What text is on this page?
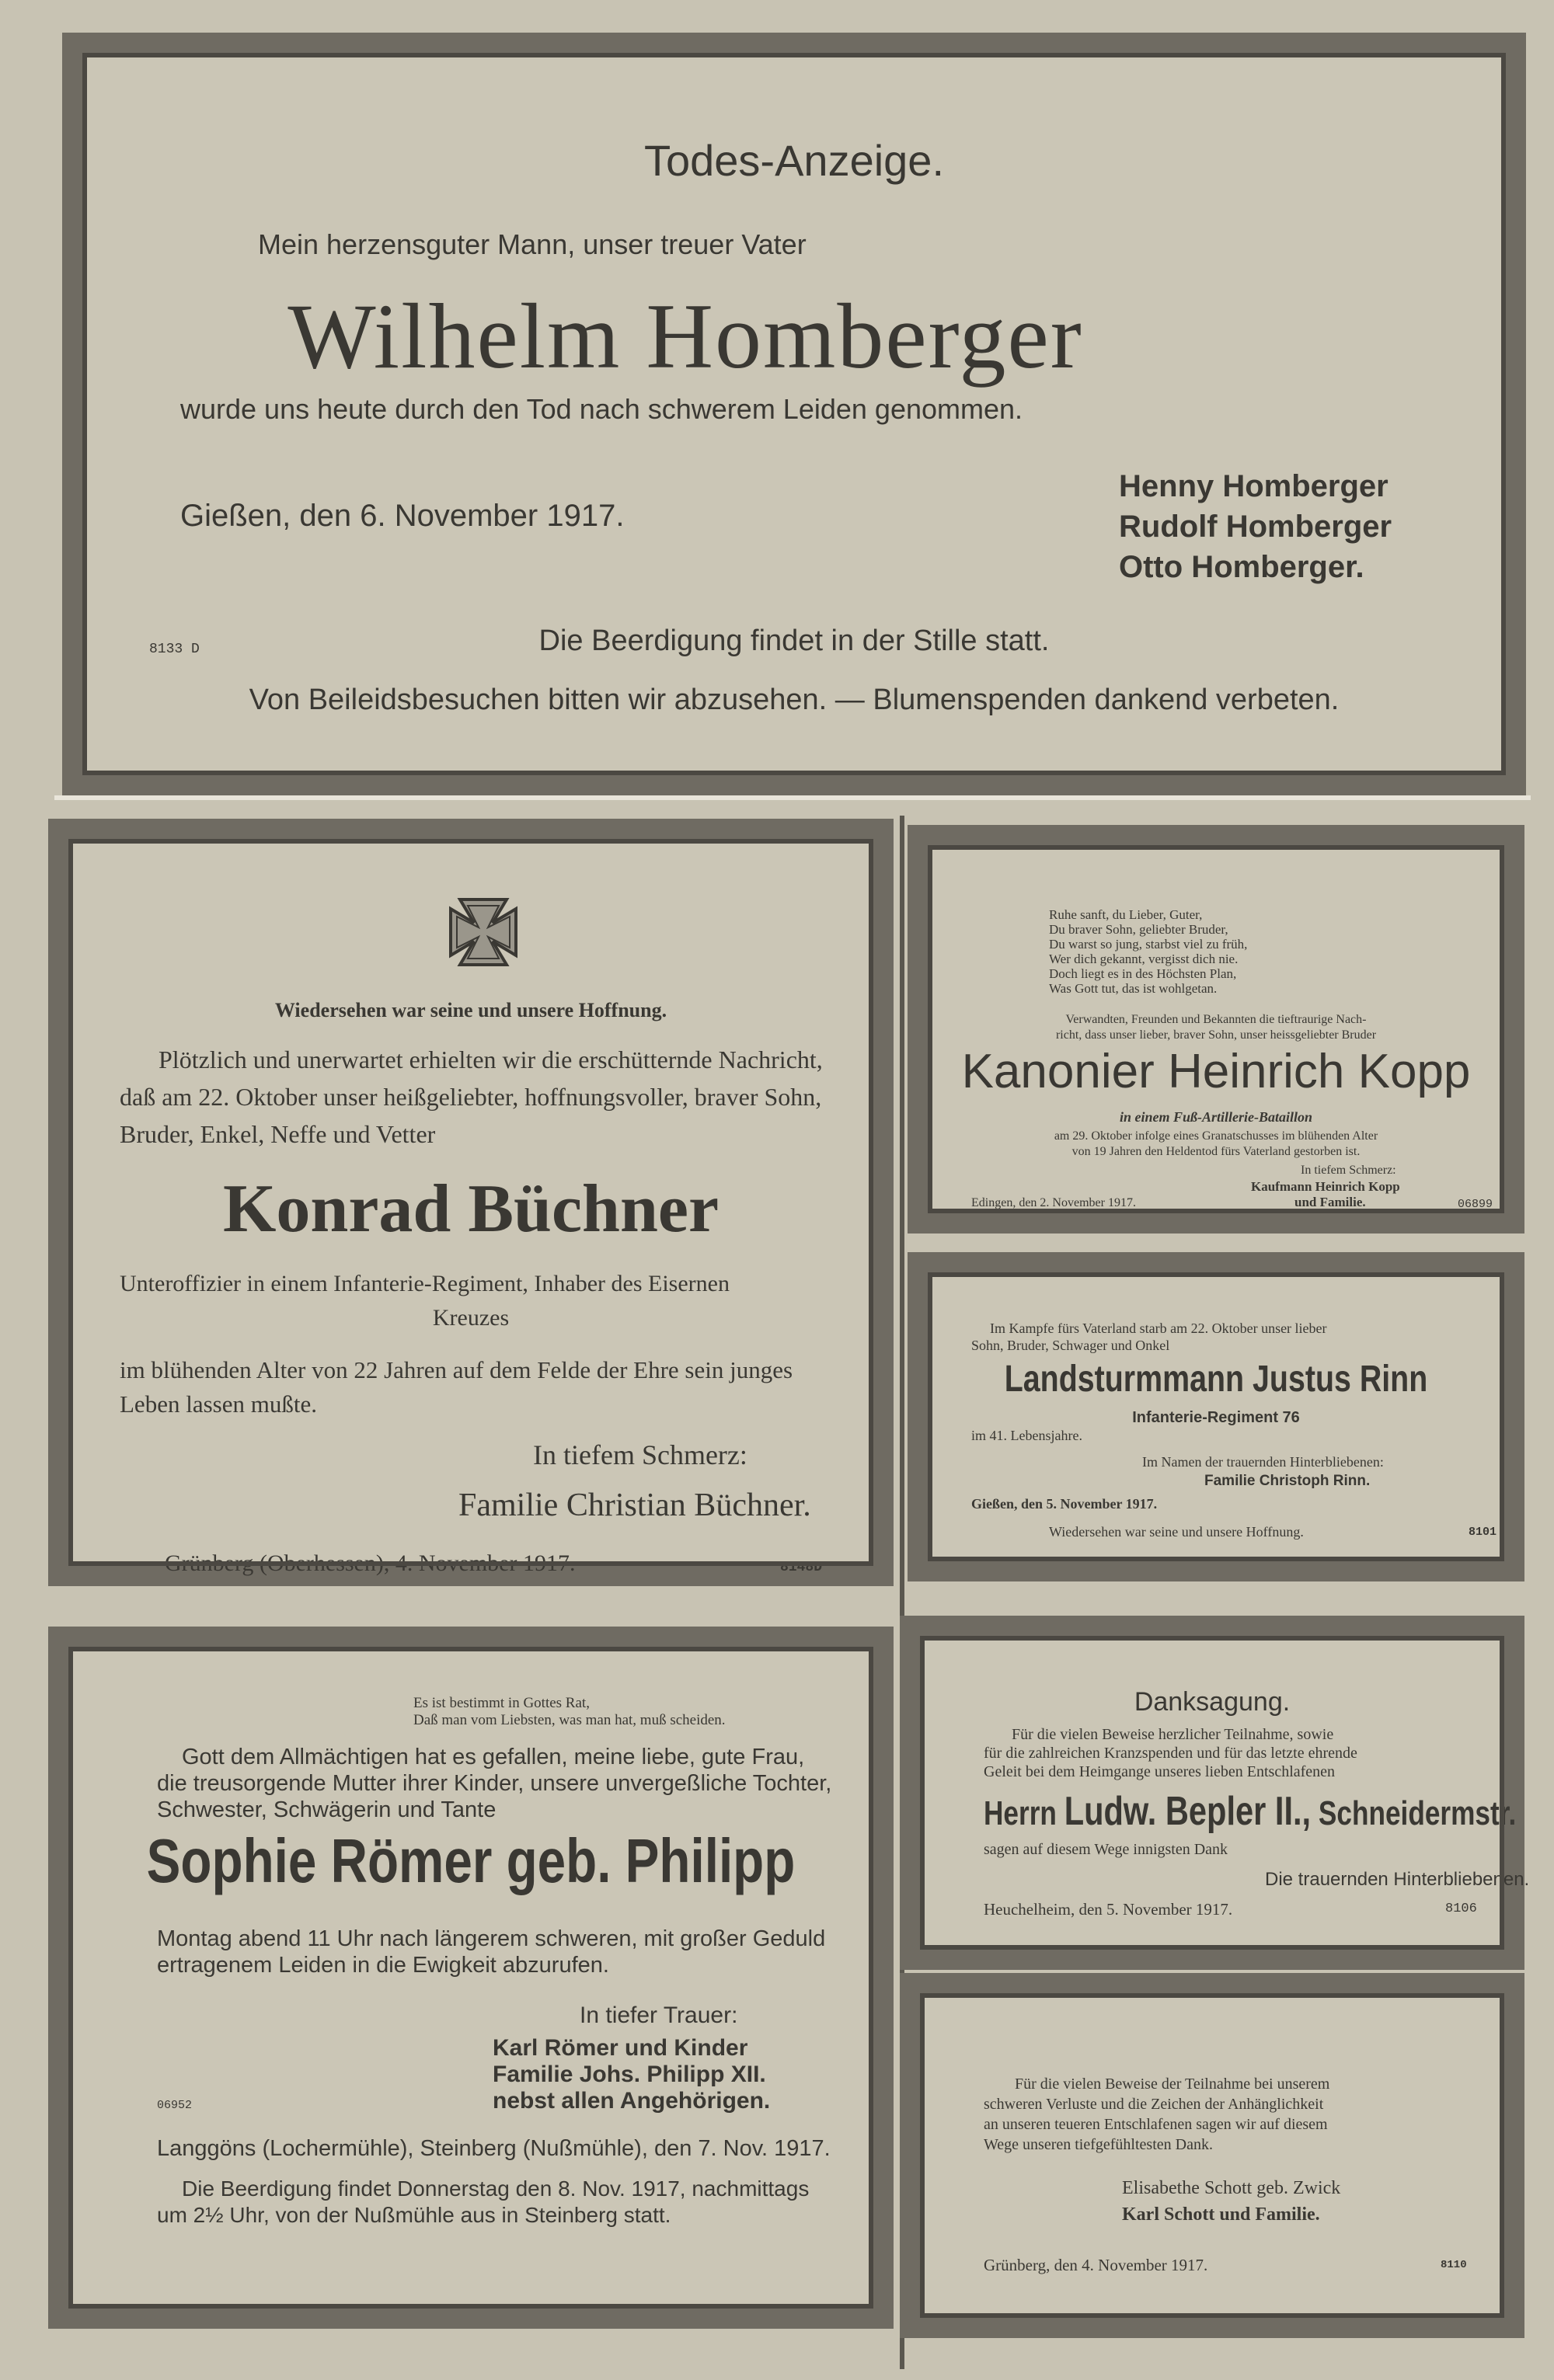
Todes-Anzeige.
Mein herzensguter Mann, unser treuer Vater
Wilhelm Homberger
wurde uns heute durch den Tod nach schwerem Leiden genommen.
Gießen, den 6. November 1917.
Henny Homberger
Rudolf Homberger
Otto Homberger.
8133 D	Die Beerdigung findet in der Stille statt.
Von Beileidsbesuchen bitten wir abzusehen. — Blumenspenden dankend verbeten.
Wiedersehen war seine und unsere Hoffnung.
Plötzlich und unerwartet erhielten wir die erschütternde Nachricht,
daß am 22. Oktober unser heißgeliebter, hoffnungsvoller, braver Sohn,
Bruder, Enkel, Neffe und Vetter
Konrad Büchner
Unteroffizier in einem Infanterie-Regiment, Inhaber des Eisernen
Kreuzes
im blühenden Alter von 22 Jahren auf dem Felde der Ehre sein junges
Leben lassen mußte.
In tiefem Schmerz:
Familie Christian Büchner.
Grünberg (Oberhessen), 4. November 1917.	8148D
Ruhe sanft, du Lieber, Guter,
Du braver Sohn, geliebter Bruder,
Du warst so jung, starbst viel zu früh,
Wer dich gekannt, vergisst dich nie.
Doch liegt es in des Höchsten Plan,
Was Gott tut, das ist wohlgetan.
Verwandten, Freunden und Bekannten die tieftraurige Nach-
richt, dass unser lieber, braver Sohn, unser heissgeliebter Bruder
Kanonier Heinrich Kopp
in einem Fuß-Artillerie-Bataillon
am 29. Oktober infolge eines Granatschusses im blühenden Alter
von 19 Jahren den Heldentod fürs Vaterland gestorben ist.
In tiefem Schmerz:
Kaufmann Heinrich Kopp
und Familie.
Edingen, den 2. November 1917.	06899
Im Kampfe fürs Vaterland starb am 22. Oktober unser lieber
Sohn, Bruder, Schwager und Onkel
Landsturmmann Justus Rinn
Infanterie-Regiment 76
im 41. Lebensjahre.
Im Namen der trauernden Hinterbliebenen:
Familie Christoph Rinn.
Gießen, den 5. November 1917.
Wiedersehen war seine und unsere Hoffnung.	8101
Es ist bestimmt in Gottes Rat,
Daß man vom Liebsten, was man hat, muß scheiden.
Gott dem Allmächtigen hat es gefallen, meine liebe, gute Frau,
die treusorgende Mutter ihrer Kinder, unsere unvergeßliche Tochter,
Schwester, Schwägerin und Tante
Sophie Römer geb. Philipp
Montag abend 11 Uhr nach längerem schweren, mit großer Geduld
ertragenem Leiden in die Ewigkeit abzurufen.
In tiefer Trauer:
Karl Römer und Kinder
Familie Johs. Philipp XII.
nebst allen Angehörigen.
06952
Langgöns (Lochermühle), Steinberg (Nußmühle), den 7. Nov. 1917.
Die Beerdigung findet Donnerstag den 8. Nov. 1917, nachmittags
um 2½ Uhr, von der Nußmühle aus in Steinberg statt.
Danksagung.
Für die vielen Beweise herzlicher Teilnahme, sowie
für die zahlreichen Kranzspenden und für das letzte ehrende
Geleit bei dem Heimgange unseres lieben Entschlafenen
Herrn Ludw. Bepler II., Schneidermstr.
sagen auf diesem Wege innigsten Dank
Die trauernden Hinterbliebenen.
Heuchelheim, den 5. November 1917.	8106
Für die vielen Beweise der Teilnahme bei unserem
schweren Verluste und die Zeichen der Anhänglichkeit
an unseren teueren Entschlafenen sagen wir auf diesem
Wege unseren tiefgefühltesten Dank.
Elisabethe Schott geb. Zwick
Karl Schott und Familie.
Grünberg, den 4. November 1917.	8110
